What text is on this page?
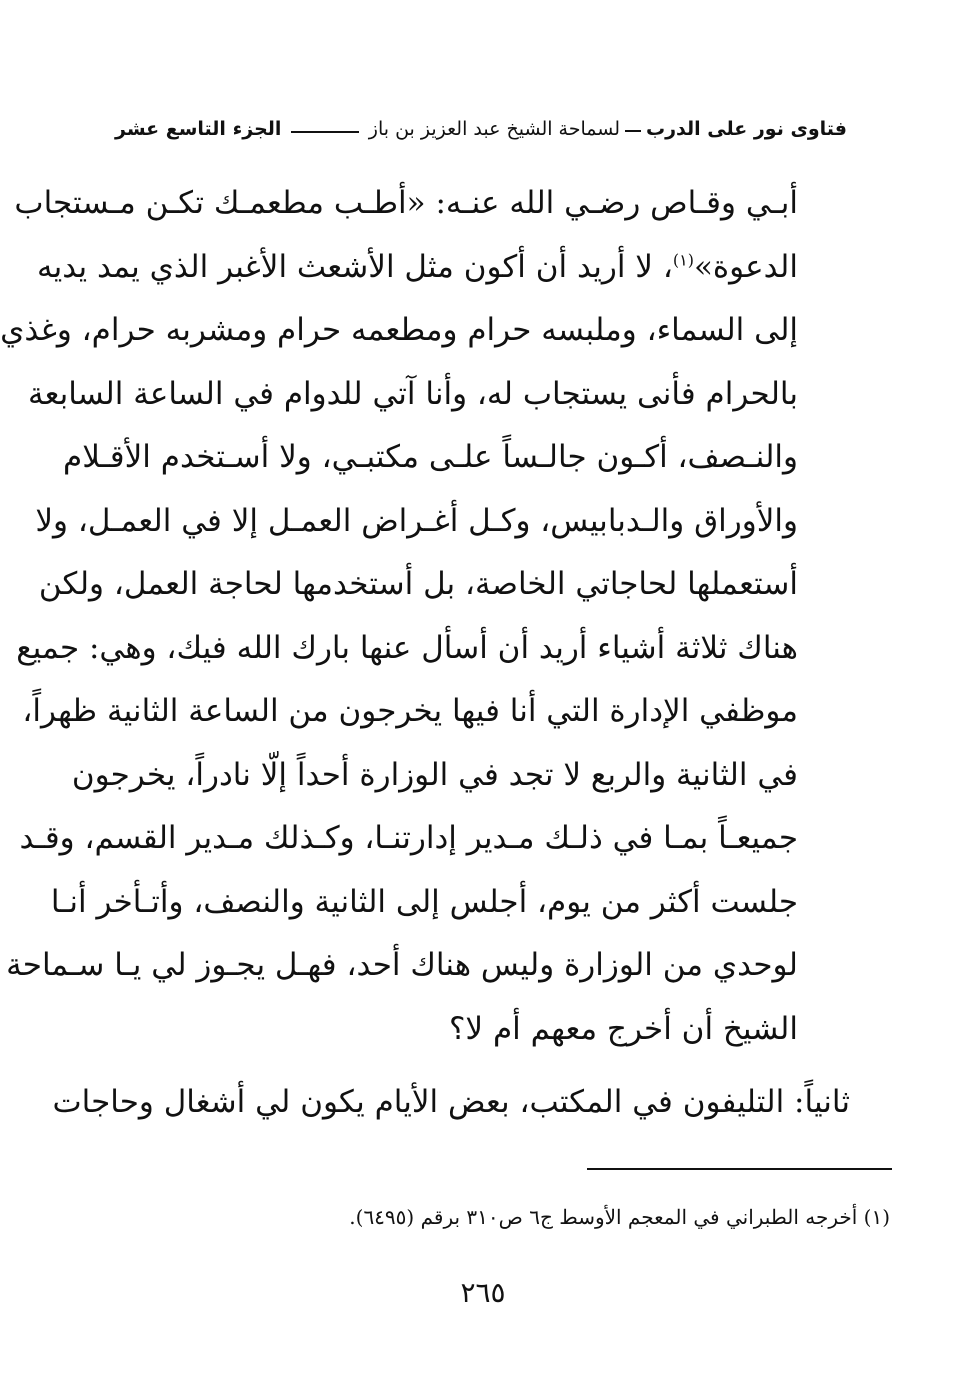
فتاوى نور على الدرب
لسماحة الشيخ عبد العزيز بن باز
الجزء التاسع عشر
أبـي وقـاص رضـي الله عنـه: «أطـب مطعمـك تكـن مـستجاب
الدعوة»$^{(١)}$، لا أريد أن أكون مثل الأشعث الأغبر الذي يمد يديه
إلى السماء، وملبسه حرام ومطعمه حرام ومشربه حرام، وغذي
بالحرام فأنى يستجاب له، وأنا آتي للدوام في الساعة السابعة
والنـصف، أكـون جالـساً علـى مكتبـي، ولا أسـتخدم الأقـلام
والأوراق والـدبابيس، وكـل أغـراض العمـل إلا في العمـل، ولا
أستعملها لحاجاتي الخاصة، بل أستخدمها لحاجة العمل، ولكن
هناك ثلاثة أشياء أريد أن أسأل عنها بارك الله فيك، وهي: جميع
موظفي الإدارة التي أنا فيها يخرجون من الساعة الثانية ظهراً،
في الثانية والربع لا تجد في الوزارة أحداً إلّا نادراً، يخرجون
جميعـاً بمـا في ذلـك مـدير إدارتنـا، وكـذلك مـدير القسم، وقـد
جلست أكثر من يوم، أجلس إلى الثانية والنصف، وأتـأخر أنـا
لوحدي من الوزارة وليس هناك أحد، فهـل يجـوز لي يـا سـماحة
الشيخ أن أخرج معهم أم لا؟
ثانياً: التليفون في المكتب، بعض الأيام يكون لي أشغال وحاجات
(١) أخرجه الطبراني في المعجم الأوسط ج٦ ص٣١٠ برقم (٦٤٩٥).
٢٦٥
